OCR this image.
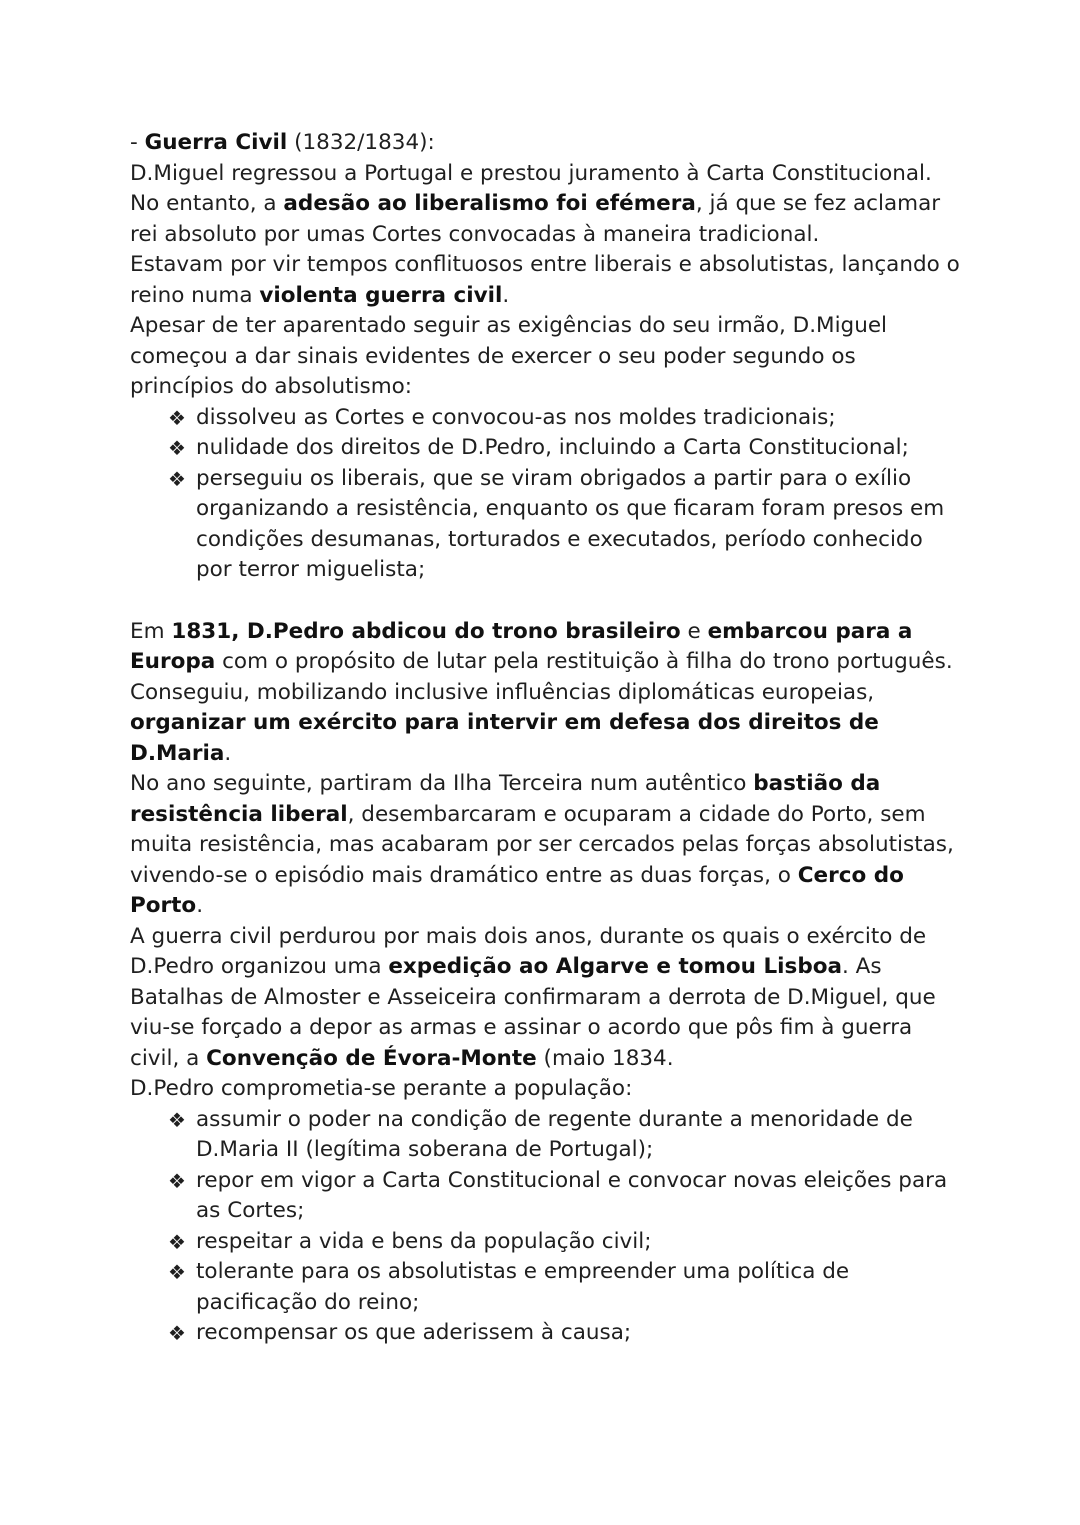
- Guerra Civil (1832/1834):

D.Miguel regressou a Portugal e prestou juramento à Carta Constitucional. No entanto, a adesão ao liberalismo foi efémera, já que se fez aclamar rei absoluto por umas Cortes convocadas à maneira tradicional.

Estavam por vir tempos conflituosos entre liberais e absolutistas, lançando o reino numa violenta guerra civil.

Apesar de ter aparentado seguir as exigências do seu irmão, D.Miguel começou a dar sinais evidentes de exercer o seu poder segundo os princípios do absolutismo:

❖ dissolveu as Cortes e convocou-as nos moldes tradicionais;
❖ nulidade dos direitos de D.Pedro, incluindo a Carta Constitucional;
❖ perseguiu os liberais, que se viram obrigados a partir para o exílio organizando a resistência, enquanto os que ficaram foram presos em condições desumanas, torturados e executados, período conhecido por terror miguelista;

Em 1831, D.Pedro abdicou do trono brasileiro e embarcou para a Europa com o propósito de lutar pela restituição à filha do trono português. Conseguiu, mobilizando inclusive influências diplomáticas europeias, organizar um exército para intervir em defesa dos direitos de D.Maria.

No ano seguinte, partiram da Ilha Terceira num autêntico bastião da resistência liberal, desembarcaram e ocuparam a cidade do Porto, sem muita resistência, mas acabaram por ser cercados pelas forças absolutistas, vivendo-se o episódio mais dramático entre as duas forças, o Cerco do Porto.

A guerra civil perdurou por mais dois anos, durante os quais o exército de D.Pedro organizou uma expedição ao Algarve e tomou Lisboa. As Batalhas de Almoster e Asseiceira confirmaram a derrota de D.Miguel, que viu-se forçado a depor as armas e assinar o acordo que pôs fim à guerra civil, a Convenção de Évora-Monte (maio 1834.

D.Pedro comprometia-se perante a população:

❖ assumir o poder na condição de regente durante a menoridade de D.Maria II (legítima soberana de Portugal);
❖ repor em vigor a Carta Constitucional e convocar novas eleições para as Cortes;
❖ respeitar a vida e bens da população civil;
❖ tolerante para os absolutistas e empreender uma política de pacificação do reino;
❖ recompensar os que aderissem à causa;
